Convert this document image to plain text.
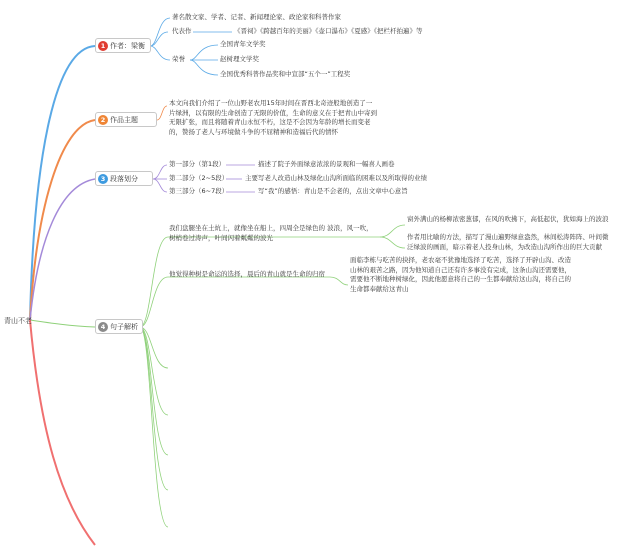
青山不老
1 作者：梁衡
著名散文家、学者、记者、新闻理论家、政论家和科普作家
代表作	《晋祠》《跨越百年的美丽》《壶口瀑布》《夏感》《把栏杆拍遍》等
荣誉
全国青年文学奖
赵树理文学奖
全国优秀科普作品奖和中宣部“五个一”工程奖
2 作品主题
本文向我们介绍了一位山野老农用15年时间在晋西北奇迹般地创造了一片绿洲，以有限的生命创造了无限的价值，生命的意义在于把青山中寄到无限扩张，而且将随着青山永恒不朽，这是不会因为年龄的增长而变老的，赞扬了老人与环境做斗争的不屈精神和造福后代的情怀
3 段落划分
第一部分（第1段）	描述了院子外面绿意浓浓的景观和一幅喜人画卷
第二部分（2~5段）	主要写老人改造山林及绿化山沟所面临的困难以及所取得的业绩
第三部分（6~7段）	写“我”的感悟：青山是不会老的，点出文章中心意旨
4 句子解析
我们盘腿坐在土炕上，就像坐在船上，四周全是绿色的 波浪，风一吹，树梢卷过涛声，叶间闪着粼粼的波光
窗外满山的杨柳浓密葱郁，在风的吹拂下，高低起伏，犹如海上的波浪
作者用比喻的方法，描写了漫山遍野绿意盎然，林间松涛阵阵、叶间微泛绿波的画面，暗示着老人投身山林，为改造山沟所作出的巨大贡献
他觉得种树是命运的选择，晨后的青山就是生命的归宿
面临李栋与吃苦的抉择，老农毫不犹豫地选择了吃苦，选择了开辟山沟、改造山林的艰苦之路，因为他知道自己还有许多事没有完成，这条山沟还需要他，需要他不断地种树绿化，因此他愿意将自己的一生都奉献给这山沟，将自己的生命都奉献给这青山
